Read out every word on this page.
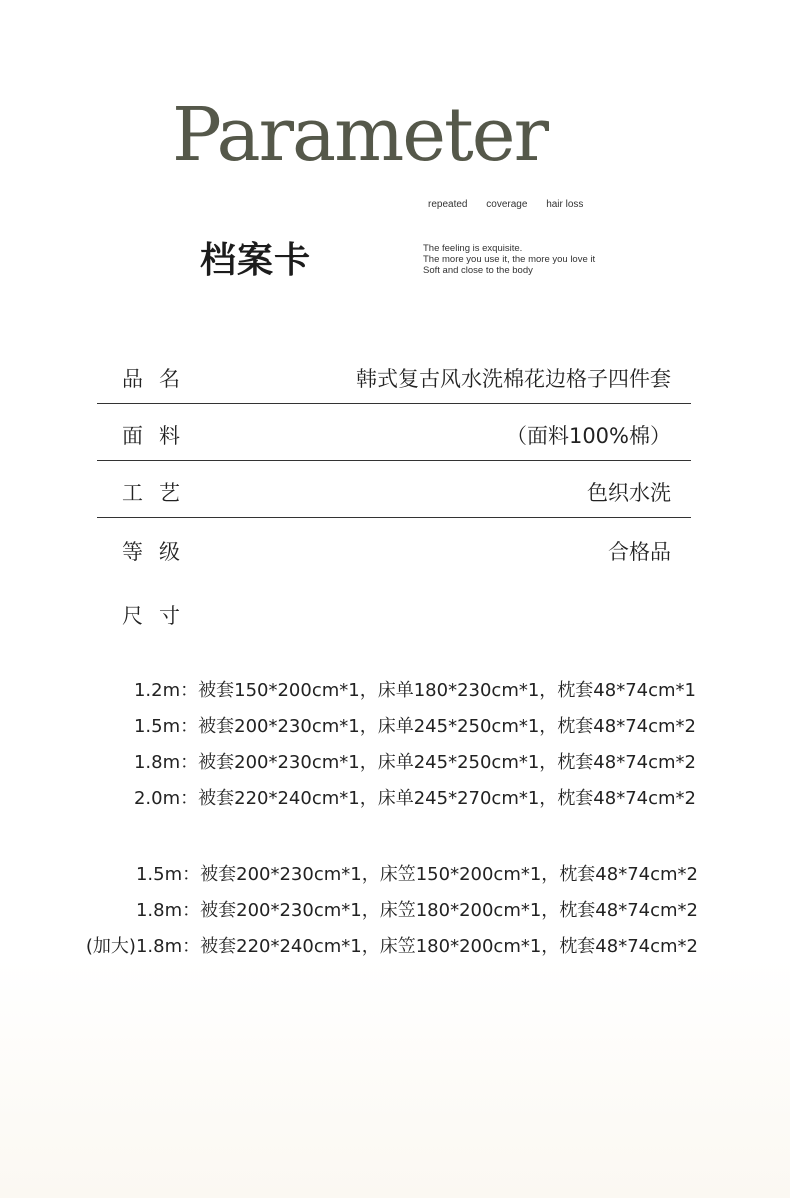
Parameter
repeated coverage hair loss
档案卡	The feeling is exquisite.
The more you use it, the more you love it
Soft and close to the body
品名	韩式复古风水洗棉花边格子四件套
面料	（面料100%棉）
工艺	色织水洗
等级	合格品
尺寸
1.2m：被套150*200cm*1，床单180*230cm*1，枕套48*74cm*1
1.5m：被套200*230cm*1，床单245*250cm*1，枕套48*74cm*2
1.8m：被套200*230cm*1，床单245*250cm*1，枕套48*74cm*2
2.0m：被套220*240cm*1，床单245*270cm*1，枕套48*74cm*2
1.5m：被套200*230cm*1，床笠150*200cm*1，枕套48*74cm*2
1.8m：被套200*230cm*1，床笠180*200cm*1，枕套48*74cm*2
(加大)1.8m：被套220*240cm*1，床笠180*200cm*1，枕套48*74cm*2
